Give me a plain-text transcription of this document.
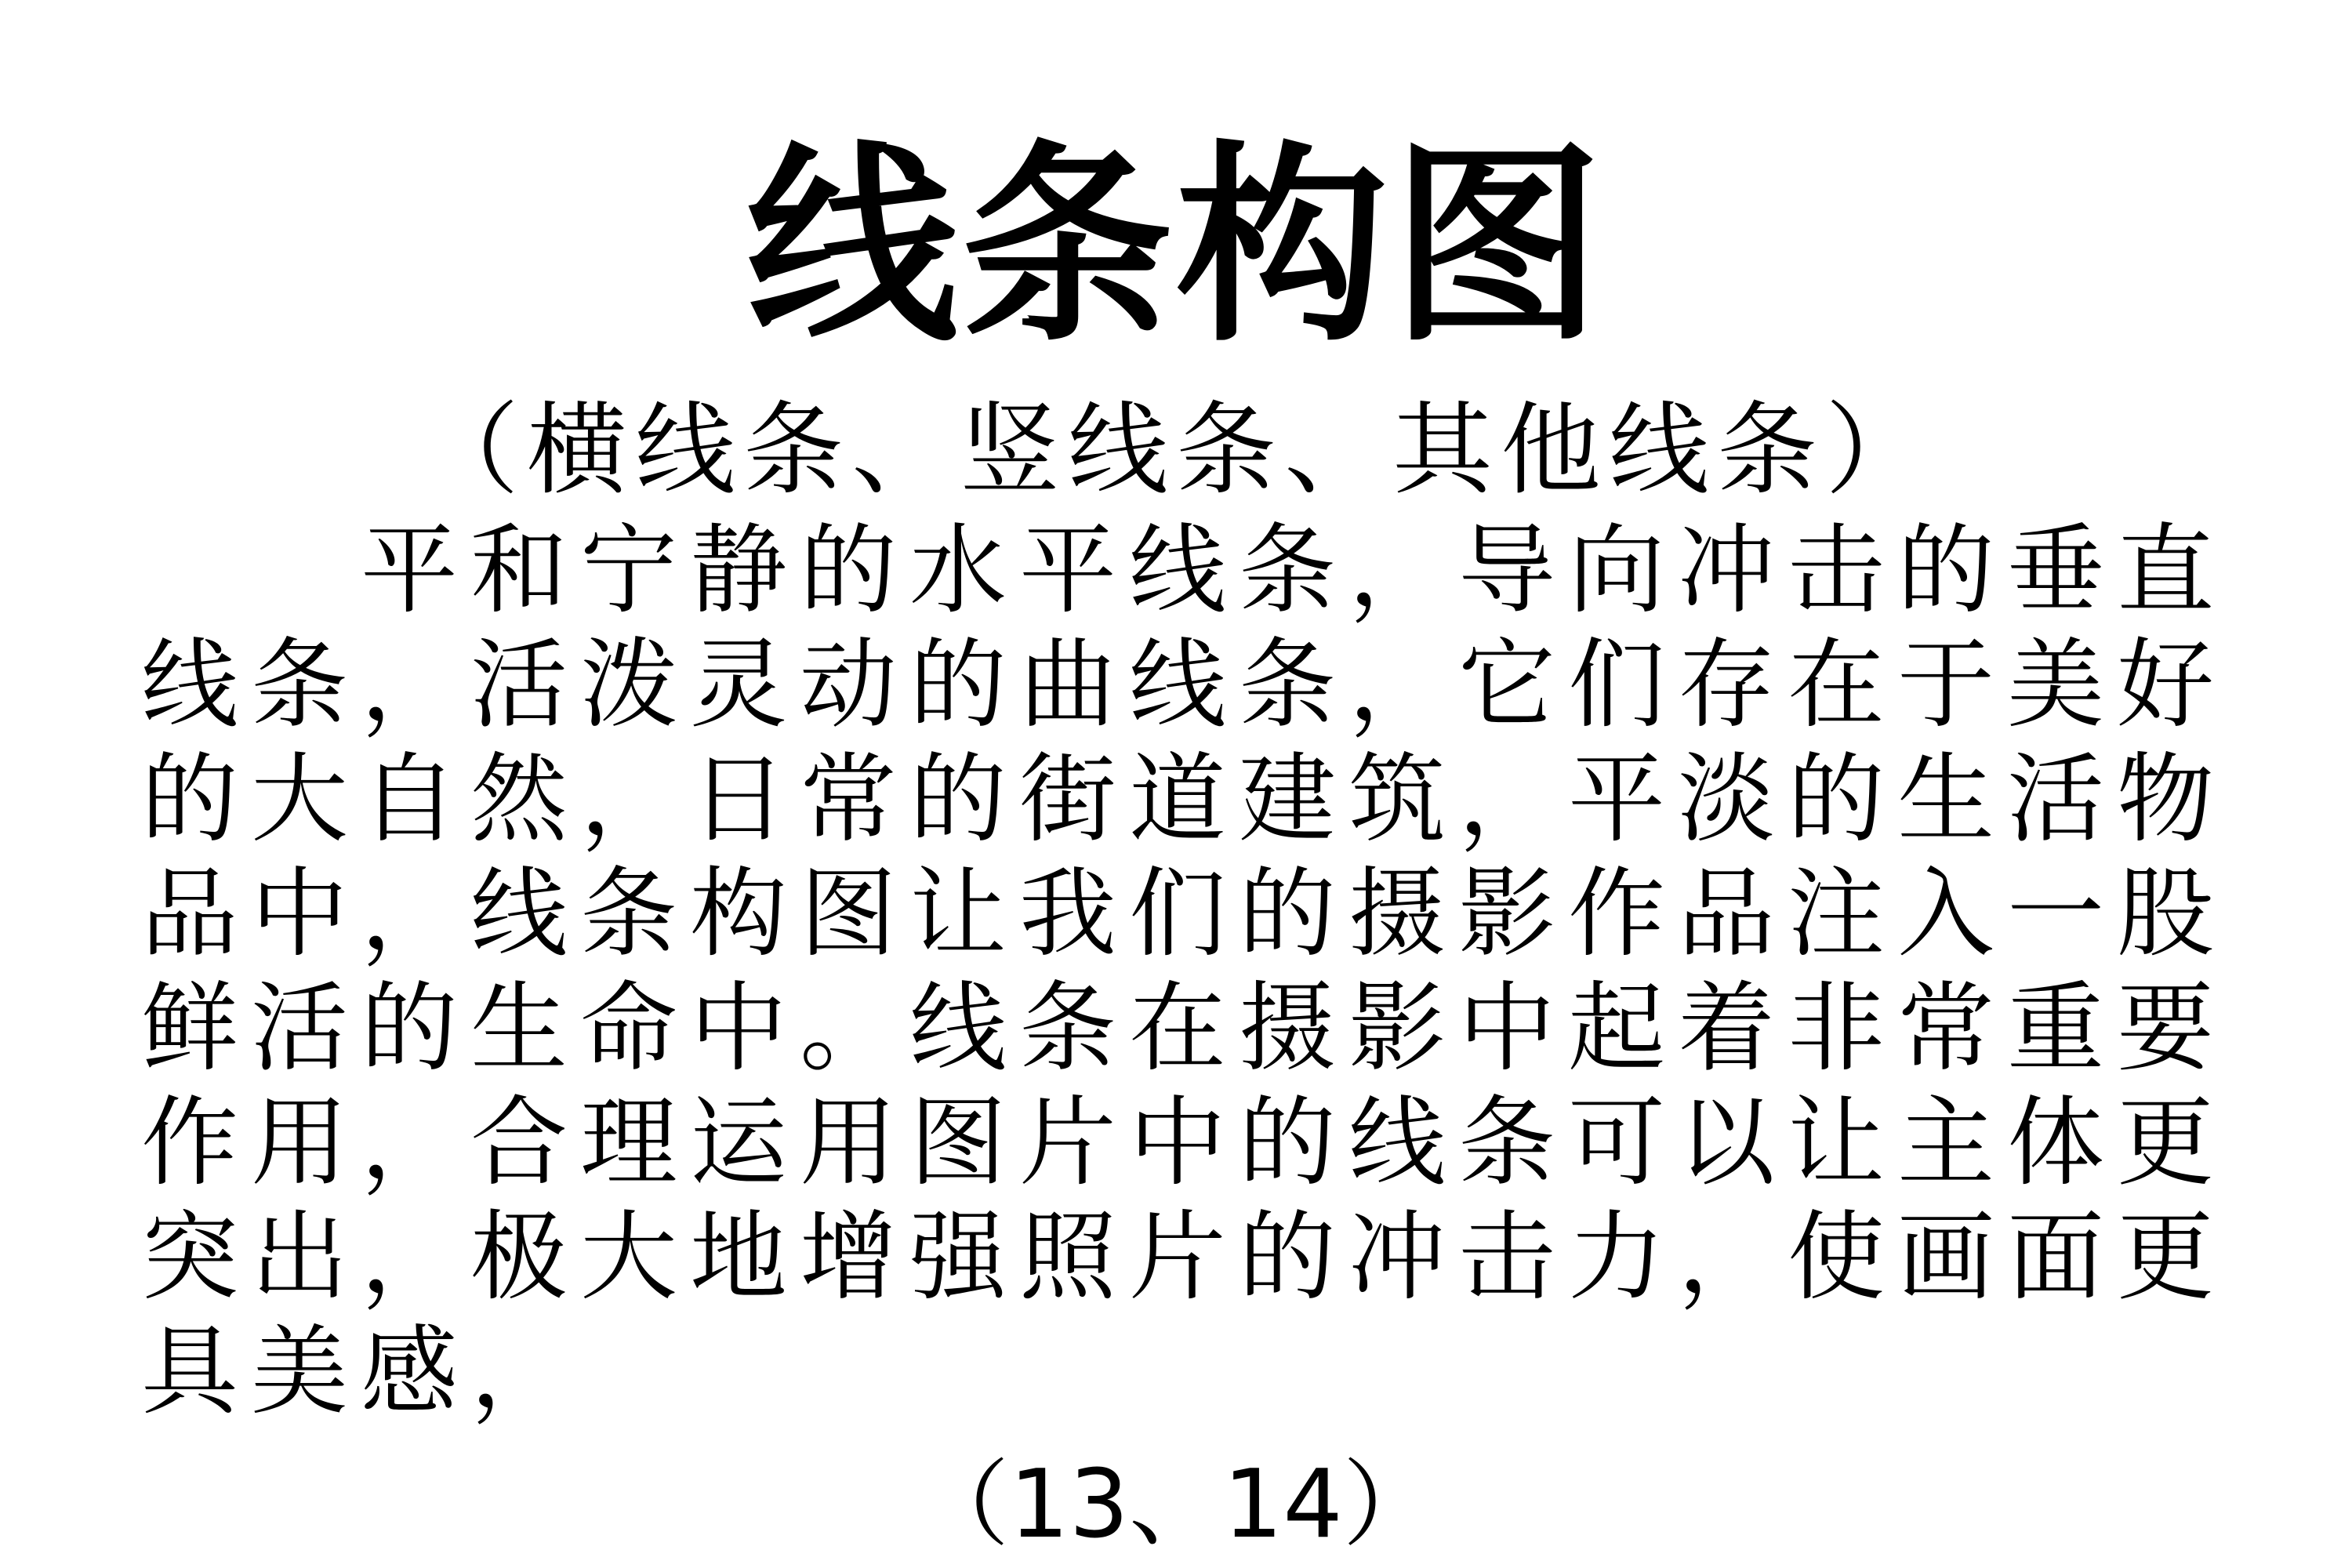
线条构图
（横线条、竖线条、其他线条）
平和宁静的水平线条，导向冲击的垂直线条，活泼灵动的曲线条，它们存在于美好的大自然，日常的街道建筑，平淡的生活物品中，线条构图让我们的摄影作品注入一股鲜活的生命中。线条在摄影中起着非常重要作用，合理运用图片中的线条可以让主体更突出，极大地增强照片的冲击力，使画面更具美感，
（13、14）
